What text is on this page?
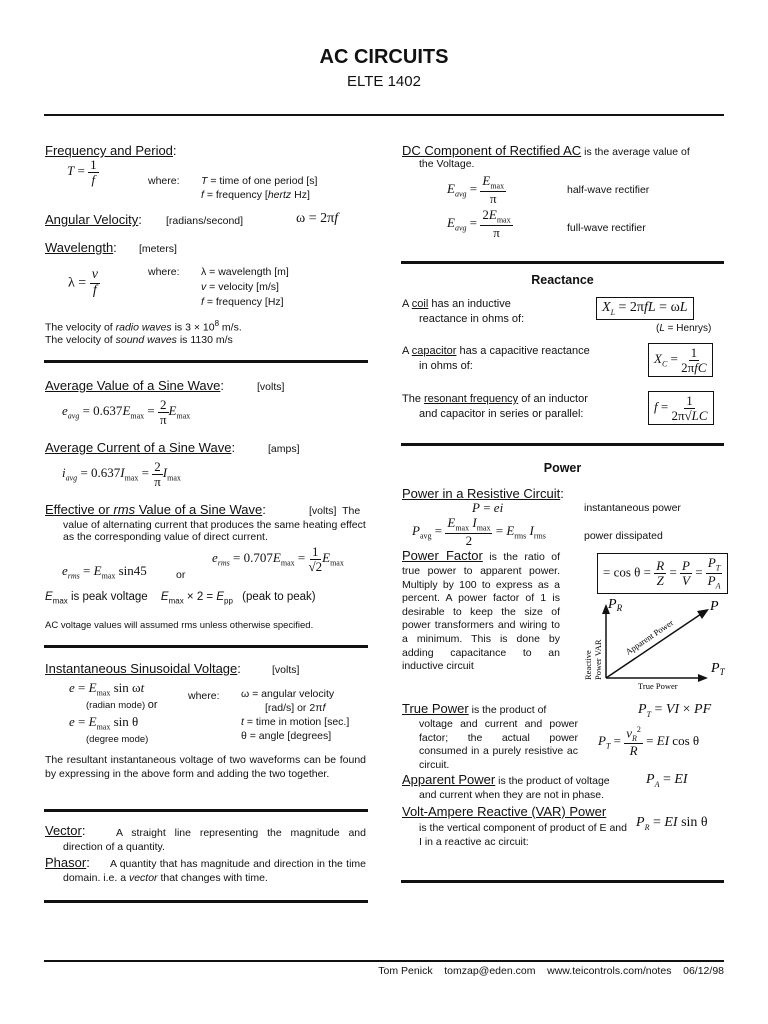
AC CIRCUITS
ELTE 1402
Frequency and Period:
$T = \frac{1}{f}$	where: T = time of one period [s]
f = frequency [hertz Hz]
Angular Velocity: [radians/second]	ω = 2πf
Wavelength: [meters]
$\lambda = \frac{v}{f}$	where: λ = wavelength [m]
v = velocity [m/s]
f = frequency [Hz]
The velocity of radio waves is $3 \times 10^8$ m/s.
The velocity of sound waves is 1130 m/s
Average Value of a Sine Wave:	[volts]
$e_{avg} = 0.637E_{max} = \frac{2}{\pi} E_{max}$
Average Current of a Sine Wave:	[amps]
$i_{avg} = 0.637I_{max} = \frac{2}{\pi} I_{max}$
Effective or rms Value of a Sine Wave:	[volts] The
value of alternating current that produces the same heating effect as the corresponding value of direct current.
$e_{rms} = E_{max}$ sin45	or
$e_{rms} = 0.707E_{max} = \frac{1}{√2} E_{max}$
$E_{max}$ is peak voltage $E_{max} \times 2 = E_{pp}$ (peak to peak)
AC voltage values will assumed rms unless otherwise specified.
Instantaneous Sinusoidal Voltage:	[volts]
$e = E_{max}$ sin ωt
(radian mode) or
$e = E_{max}$ sin θ
(degree mode)
where: ω = angular velocity
[rad/s] or 2πf
t = time in motion [sec.]
θ = angle [degrees]
The resultant instantaneous voltage of two waveforms can be found by expressing in the above form and adding the two together.
Vector:	A straight line representing the magnitude and direction of a quantity.
Phasor:	A quantity that has magnitude and direction in the time domain. i.e. a vector that changes with time.
DC Component of Rectified AC is the average value of
the Voltage.
$E_{avg} = \frac{E_{max}}{\pi}$	half-wave rectifier
$E_{avg} = \frac{2E_{max}}{\pi}$	full-wave rectifier
Reactance
A coil has an inductive
reactance in ohms of:
$X_L = 2\pi fL = \omega L$
(L = Henrys)
A capacitor has a capacitive reactance
in ohms of:	$X_C = \frac{1}{\text{2πfC}}$
The resonant frequency of an inductor
and capacitor in series or parallel:	$f = \frac{1}{2\pi√LC}$
Power
Power in a Resistive Circuit:
P = ei	instantaneous power
$P_{avg} = \frac{E_{max} I_{max}}{2} = E_{rms}$ $I_{rms}$	power dissipated
Power Factor is the ratio of true power to apparent power. Multiply by 100 to express as a percent. A power factor of 1 is desirable to keep the size of power transformers and wiring to a minimum. This is done by adding capacitance to an inductive circuit
= $\cos \theta = \frac{R}{Z} = \frac{P}{V} = \frac{P_T}{P_A}$
$P_R$	P
$P_T$
Apparent Power
True Power
Reactive Power VAR
True Power is the product of
voltage and current and power factor; the actual power consumed in a purely resistive ac circuit.
$P_T$ = VI × PF
$P_T = \frac{v_R^2}{R}$ = EI cos θ
Apparent Power is the product of voltage
and current when they are not in phase.
$P_A$ = EI
Volt-Ampere Reactive (VAR) Power
is the vertical component of product of E and I in a reactive ac circuit:
$P_R$ = EI sin θ
Tom Penick tomzap@eden.com www.teicontrols.com/notes 06/12/98
